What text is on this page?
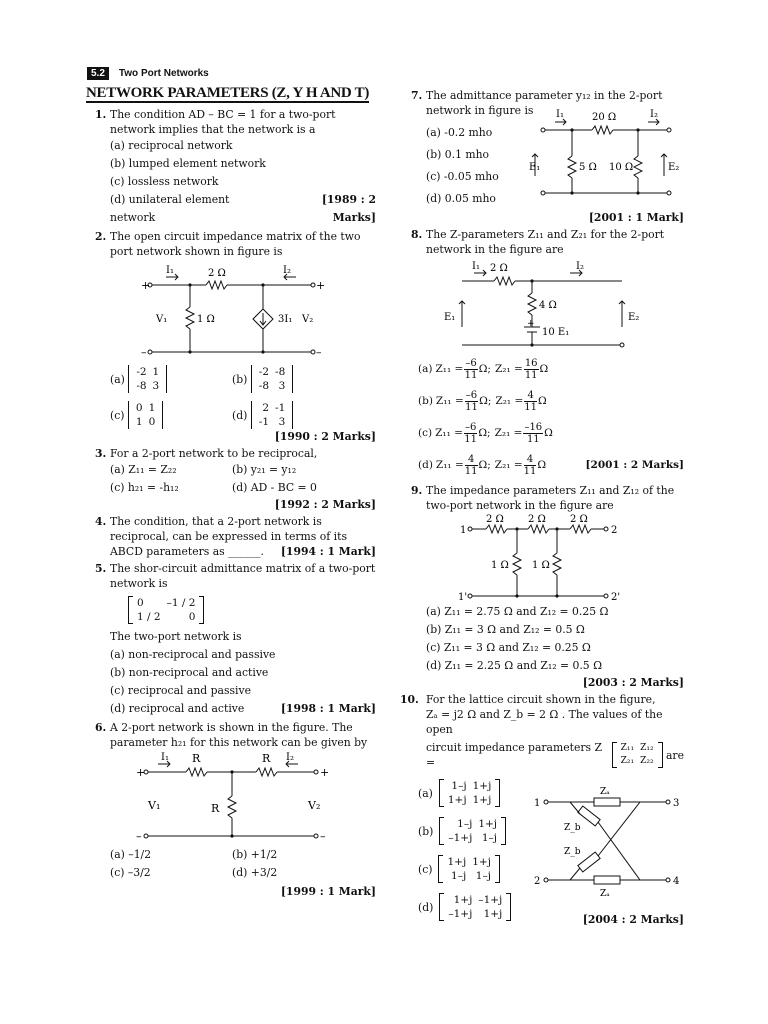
5.2	Two Port Networks
NETWORK PARAMETERS (Z, Y H AND T)
1. The condition AD – BC = 1 for a two-port network implies that the network is a
(a) reciprocal network
(b) lumped element network
(c) lossless network
(d) unilateral element network
[1989 : 2 Marks]
2. The open circuit impedance matrix of the two port network shown in figure is
+	+
–	–
I₁	I₂
2 Ω
1 Ω	3I₁
V₁	V₂
(a)

-2	1
-8	3
(b)

-2	-8
-8	3
(c)

0	1
1	0
(d)

2	-1
-1	3
[1990 : 2 Marks]
3. For a 2-port network to be reciprocal,
(a) Z₁₁ = Z₂₂	(b) y₂₁ = y₁₂
(c) h₂₁ = -h₁₂	(d) AD - BC = 0
[1992 : 2 Marks]
4. The condition, that a 2-port network is reciprocal, can be expressed in terms of its ABCD parameters as ______.	[1994 : 1 Mark]
5. The shor-circuit admittance matrix of a two-port network is
0	–1 / 2
1 / 2	0
The two-port network is
(a) non-reciprocal and passive
(b) non-reciprocal and active
(c) reciprocal and passive
(d) reciprocal and active	[1998 : 1 Mark]
6. A 2-port network is shown in the figure. The parameter h₂₁ for this network can be given by
+	+
–	–
I₁	I₂
R	R
R
V₁	V₂
(a) –1/2	(b) +1/2
(c) –3/2	(d) +3/2
[1999 : 1 Mark]
7. The admittance parameter y₁₂ in the 2-port network in figure is
(a) -0.2 mho
(b) 0.1 mho
(c) -0.05 mho
(d) 0.05 mho
I₁	I₂
20 Ω
5 Ω 10 Ω
E₁	E₂
[2001 : 1 Mark]
8. The Z-parameters Z₁₁ and Z₂₁ for the 2-port network in the figure are
+
I₁	I₂
2 Ω
4 Ω
10 E₁
E₁	E₂
(a) $Z_{11} = \frac{-6}{11}$ Ω ; $Z_{21} = \frac{16}{11}$ Ω
(b) $Z_{11} = \frac{-6}{11}$ Ω ; $Z_{21} = \frac{4}{11}$ Ω
(c) $Z_{11} = \frac{-6}{11}$ Ω ; $Z_{21} = \frac{-16}{11}$ Ω
(d) $Z_{11} = \frac{4}{11}$ Ω ; $Z_{21} = \frac{4}{11}$ Ω	[2001 : 2 Marks]
9. The impedance parameters Z₁₁ and Z₁₂ of the two-port network in the figure are
1	2
1'	2'
2 Ω 2 Ω 2 Ω
1 Ω 1 Ω
(a) Z₁₁ = 2.75 Ω and Z₁₂ = 0.25 Ω
(b) Z₁₁ = 3 Ω and Z₁₂ = 0.5 Ω
(c) Z₁₁ = 3 Ω and Z₁₂ = 0.25 Ω
(d) Z₁₁ = 2.25 Ω and Z₁₂ = 0.5 Ω
[2003 : 2 Marks]
10. For the lattice circuit shown in the figure,
Zₐ = j2 Ω and Z_b = 2 Ω . The values of the open
circuit impedance parameters Z =

Z₁₁	Z₁₂
Z₂₁	Z₂₂
are
(a)
1–j	1+j
1+j	1+j
(b)
1–j	1+j
–1+j	1–j
(c)
1+j	1+j
1–j	1–j
(d)
1+j	–1+j
–1+j	1+j
1	3
2	4
Zₐ
Zₐ
Z_b
Z_b
[2004 : 2 Marks]
